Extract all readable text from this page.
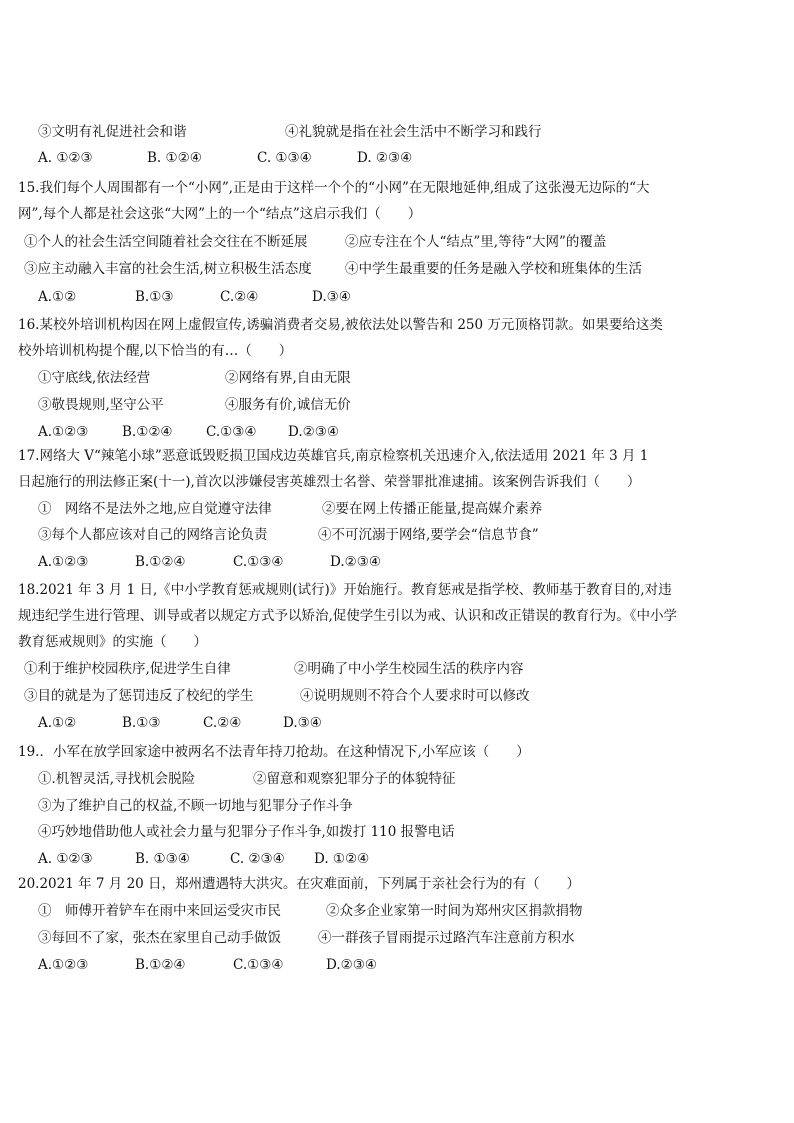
③文明有礼促进社会和谐	④礼貌就是指在社会生活中不断学习和践行
A. ①②③	B. ①②④	C. ①③④	D. ②③④
15.我们每个人周围都有一个“小网”,正是由于这样一个个的“小网”在无限地延伸,组成了这张漫无边际的“大
网”,每个人都是社会这张“大网”上的一个“结点”这启示我们（　　）
①个人的社会生活空间随着社会交往在不断延展	②应专注在个人“结点”里,等待“大网”的覆盖
③应主动融入丰富的社会生活,树立积极生活态度 ④中学生最重要的任务是融入学校和班集体的生活
A.①②	B.①③	C.②④	D.③④
16.某校外培训机构因在网上虚假宣传,诱骗消费者交易,被依法处以警告和 250 万元顶格罚款。如果要给这类
校外培训机构提个醒,以下恰当的有…（　　）
①守底线,依法经营	②网络有界,自由无限
③敬畏规则,坚守公平	④服务有价,诚信无价
A.①②③ B.①②④ C.①③④ D.②③④
17.网络大 V“辣笔小球”恶意诋毁贬损卫国戍边英雄官兵,南京检察机关迅速介入,依法适用 2021 年 3 月 1
日起施行的刑法修正案(十一),首次以涉嫌侵害英雄烈士名誉、荣誉罪批准逮捕。该案例告诉我们（　　）
①　网络不是法外之地,应自觉遵守法律	②要在网上传播正能量,提高媒介素养
③每个人都应该对自己的网络言论负责	④不可沉溺于网络,要学会“信息节食”
A.①②③	B.①②④	C.①③④	D.②③④
18.2021 年 3 月 1 日,《中小学教育惩戒规则(试行)》开始施行。教育惩戒是指学校、教师基于教育目的,对违
规违纪学生进行管理、训导或者以规定方式予以矫治,促使学生引以为戒、认识和改正错误的教育行为。《中小学
教育惩戒规则》的实施（　　）
①利于维护校园秩序,促进学生自律	②明确了中小学生校园生活的秩序内容
③目的就是为了惩罚违反了校纪的学生	④说明规则不符合个人要求时可以修改
A.①②	B.①③	C.②④	D.③④
19.．小军在放学回家途中被两名不法青年持刀抢劫。在这种情况下,小军应该（　　）
①.机智灵活,寻找机会脱险	②留意和观察犯罪分子的体貌特征
③为了维护自己的权益,不顾一切地与犯罪分子作斗争
④巧妙地借助他人或社会力量与犯罪分子作斗争,如拨打 110 报警电话
A. ①②③	B. ①③④	C. ②③④ D. ①②④
20.2021 年 7 月 20 日，郑州遭遇特大洪灾。在灾难面前，下列属于亲社会行为的有（　　）
①　师傅开着铲车在雨中来回运受灾市民	②众多企业家第一时间为郑州灾区捐款捐物
③每回不了家，张杰在家里自己动手做饭	④一群孩子冒雨提示过路汽车注意前方积水
A.①②③	B.①②④	C.①③④	D.②③④
